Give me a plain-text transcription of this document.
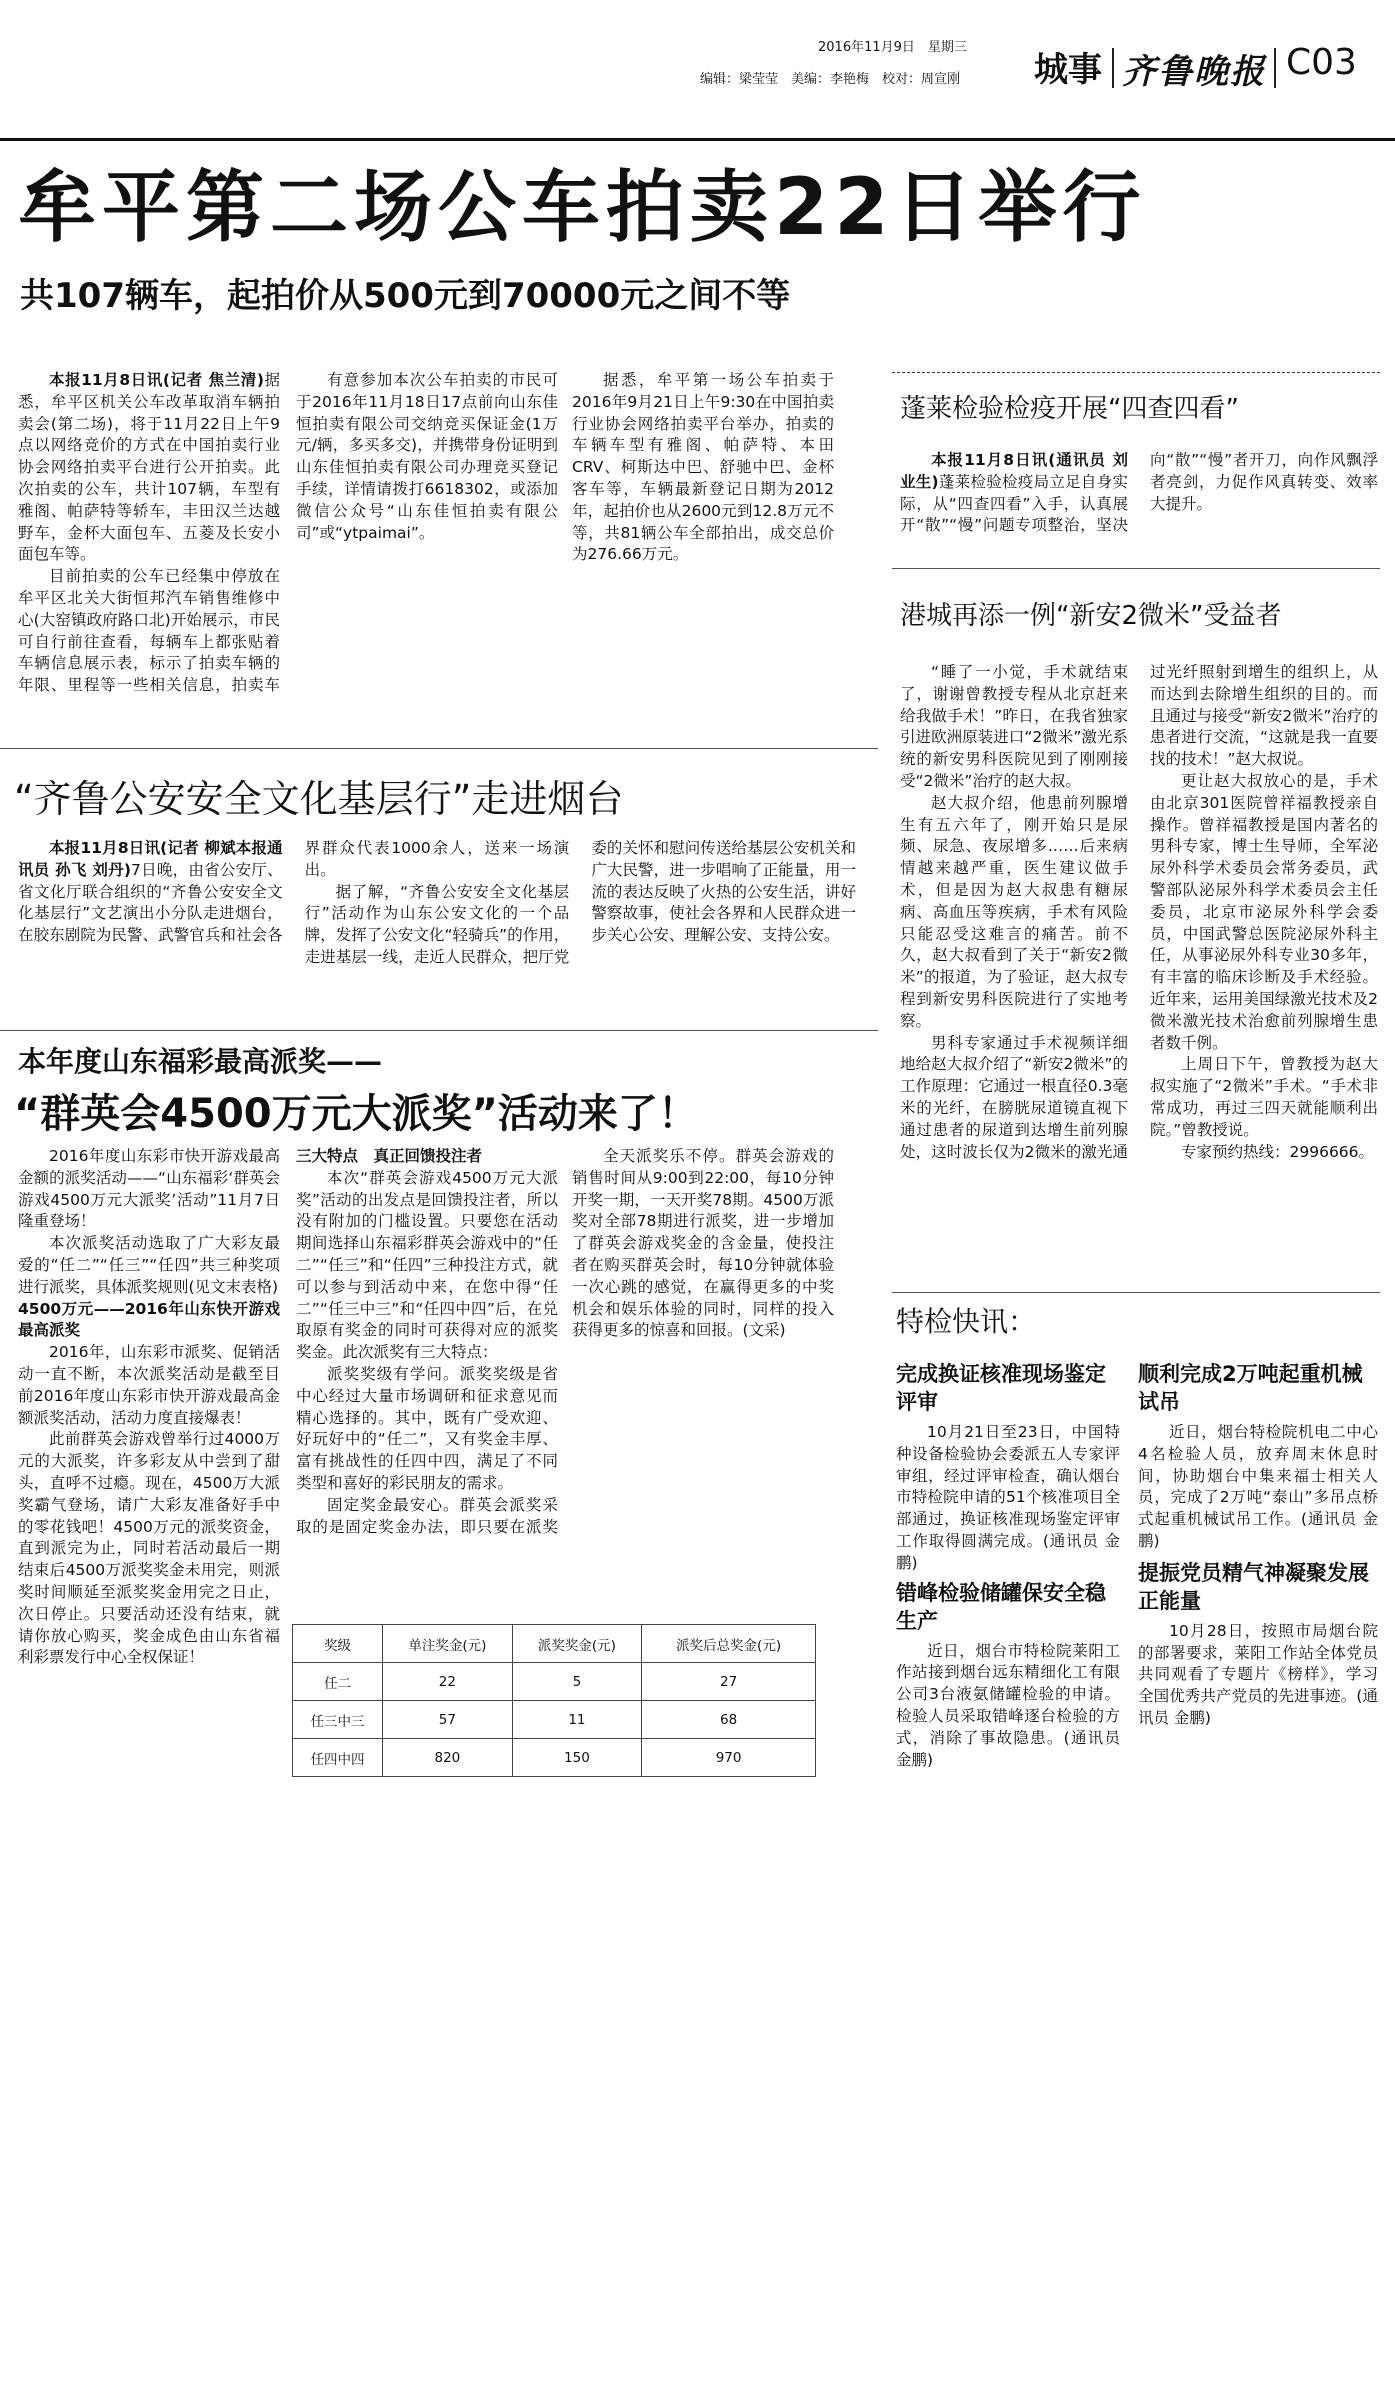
2016年11月9日　 星期三
编辑：梁莹莹　美编：李艳梅　校对：周宣刚 城事 齐鲁晚报 C03
牟平第二场公车拍卖22日举行
共107辆车，起拍价从500元到70000元之间不等

本报11月8日讯(记者 焦兰清)据悉，牟平区机关公车改革取消车辆拍卖会(第二场)，将于11月22日上午9点以网络竞价的方式在中国拍卖行业协会网络拍卖平台进行公开拍卖。此次拍卖的公车，共计107辆，车型有雅阁、帕萨特等轿车，丰田汉兰达越野车，金杯大面包车、五菱及长安小面包车等。

目前拍卖的公车已经集中停放在牟平区北关大街恒邦汽车销售维修中心(大窑镇政府路口北)开始展示，市民可自行前往查看，每辆车上都张贴着车辆信息展示表，标示了拍卖车辆的年限、里程等一些相关信息，拍卖车

有意参加本次公车拍卖的市民可于2016年11月18日17点前向山东佳恒拍卖有限公司交纳竞买保证金(1万元/辆，多买多交)，并携带身份证明到山东佳恒拍卖有限公司办理竞买登记手续，详情请拨打6618302，或添加微信公众号“山东佳恒拍卖有限公司”或“ytpaimai”。

据悉，牟平第一场公车拍卖于2016年9月21日上午9:30在中国拍卖行业协会网络拍卖平台举办，拍卖的车辆车型有雅阁、帕萨特、本田CRV、柯斯达中巴、舒驰中巴、金杯客车等，车辆最新登记日期为2012年，起拍价也从2600元到12.8万元不等，共81辆公车全部拍出，成交总价为276.66万元。

蓬莱检验检疫开展“四查四看”

本报11月8日讯(通讯员 刘业生)蓬莱检验检疫局立足自身实际，从“四查四看”入手，认真展开“散”“慢”问题专项整治，坚决向“散”“慢”者开刀，向作风飘浮者亮剑，力促作风真转变、效率大提升。

港城再添一例“新安2微米”受益者

“睡了一小觉，手术就结束了，谢谢曾教授专程从北京赶来给我做手术！”昨日，在我省独家引进欧洲原装进口“2微米”激光系统的新安男科医院见到了刚刚接受“2微米”治疗的赵大叔。

赵大叔介绍，他患前列腺增生有五六年了，刚开始只是尿频、尿急、夜尿增多……后来病情越来越严重，医生建议做手术，但是因为赵大叔患有糖尿病、高血压等疾病，手术有风险只能忍受这难言的痛苦。前不久，赵大叔看到了关于“新安2微米”的报道，为了验证，赵大叔专程到新安男科医院进行了实地考察。

男科专家通过手术视频详细地给赵大叔介绍了“新安2微米”的工作原理：它通过一根直径0.3毫米的光纤，在膀胱尿道镜直视下通过患者的尿道到达增生前列腺处，这时波长仅为2微米的激光通过光纤照射到增生的组织上，从而达到去除增生组织的目的。而且通过与接受“新安2微米”治疗的患者进行交流，“这就是我一直要找的技术！”赵大叔说。

更让赵大叔放心的是，手术由北京301医院曾祥福教授亲自操作。曾祥福教授是国内著名的男科专家，博士生导师，全军泌尿外科学术委员会常务委员，武警部队泌尿外科学术委员会主任委员，北京市泌尿外科学会委员，中国武警总医院泌尿外科主任，从事泌尿外科专业30多年，有丰富的临床诊断及手术经验。近年来，运用美国绿激光技术及2微米激光技术治愈前列腺增生患者数千例。

上周日下午，曾教授为赵大叔实施了“2微米”手术。“手术非常成功，再过三四天就能顺利出院。”曾教授说。

专家预约热线：2996666。

“齐鲁公安安全文化基层行”走进烟台

本报11月8日讯(记者 柳斌本报通讯员 孙飞 刘丹)7日晚，由省公安厅、省文化厅联合组织的“齐鲁公安安全文化基层行”文艺演出小分队走进烟台，在胶东剧院为民警、武警官兵和社会各界群众代表1000余人，送来一场演出。

据了解，“齐鲁公安安全文化基层行”活动作为山东公安文化的一个品牌，发挥了公安文化“轻骑兵”的作用，走进基层一线，走近人民群众，把厅党委的关怀和慰问传送给基层公安机关和广大民警，进一步唱响了正能量，用一流的表达反映了火热的公安生活，讲好警察故事，使社会各界和人民群众进一步关心公安、理解公安、支持公安。

本年度山东福彩最高派奖——
“群英会4500万元大派奖”活动来了！

2016年度山东彩市快开游戏最高金额的派奖活动——“山东福彩‘群英会游戏4500万元大派奖’活动”11月7日隆重登场！

本次派奖活动选取了广大彩友最爱的“任二”“任三”“任四”共三种奖项进行派奖，具体派奖规则(见文末表格)

4500万元——2016年山东快开游戏最高派奖

2016年，山东彩市派奖、促销活动一直不断，本次派奖活动是截至目前2016年度山东彩市快开游戏最高金额派奖活动，活动力度直接爆表！

此前群英会游戏曾举行过4000万元的大派奖，许多彩友从中尝到了甜头，直呼不过瘾。现在，4500万大派奖霸气登场，请广大彩友准备好手中的零花钱吧！4500万元的派奖资金，直到派完为止，同时若活动最后一期结束后4500万派奖奖金未用完，则派奖时间顺延至派奖奖金用完之日止，次日停止。只要活动还没有结束，就请你放心购买，奖金成色由山东省福利彩票发行中心全权保证！

三大特点　真正回馈投注者

本次“群英会游戏4500万元大派奖”活动的出发点是回馈投注者，所以没有附加的门槛设置。只要您在活动期间选择山东福彩群英会游戏中的“任二”“任三”和“任四”三种投注方式，就可以参与到活动中来，在您中得“任二”“任三中三”和“任四中四”后，在兑取原有奖金的同时可获得对应的派奖奖金。此次派奖有三大特点：

派奖奖级有学问。派奖奖级是省中心经过大量市场调研和征求意见而精心选择的。其中，既有广受欢迎、好玩好中的“任二”，又有奖金丰厚、富有挑战性的任四中四，满足了不同类型和喜好的彩民朋友的需求。

固定奖金最安心。群英会派奖采取的是固定奖金办法，即只要在派奖

全天派奖乐不停。群英会游戏的销售时间从9:00到22:00，每10分钟开奖一期，一天开奖78期。4500万派奖对全部78期进行派奖，进一步增加了群英会游戏奖金的含金量，使投注者在购买群英会时，每10分钟就体验一次心跳的感觉，在赢得更多的中奖机会和娱乐体验的同时，同样的投入获得更多的惊喜和回报。(文采)

奖级	单注奖金(元)	派奖奖金(元)	派奖后总奖金(元)
任二	22	5	27
任三中三	57	11	68
任四中四	820	150	970
特检快讯：
完成换证核准现场鉴定评审

10月21日至23日，中国特种设备检验协会委派五人专家评审组，经过评审检查，确认烟台市特检院申请的51个核准项目全部通过，换证核准现场鉴定评审工作取得圆满完成。(通讯员 金鹏)

错峰检验储罐保安全稳生产

近日，烟台市特检院莱阳工作站接到烟台远东精细化工有限公司3台液氨储罐检验的申请。检验人员采取错峰逐台检验的方式，消除了事故隐患。(通讯员 金鹏)

顺利完成2万吨起重机械试吊

近日，烟台特检院机电二中心4名检验人员，放弃周末休息时间，协助烟台中集来福士相关人员，完成了2万吨“泰山”多吊点桥式起重机械试吊工作。(通讯员 金鹏)

提振党员精气神凝聚发展正能量

10月28日，按照市局烟台院的部署要求，莱阳工作站全体党员共同观看了专题片《榜样》，学习全国优秀共产党员的先进事迹。(通讯员 金鹏)
